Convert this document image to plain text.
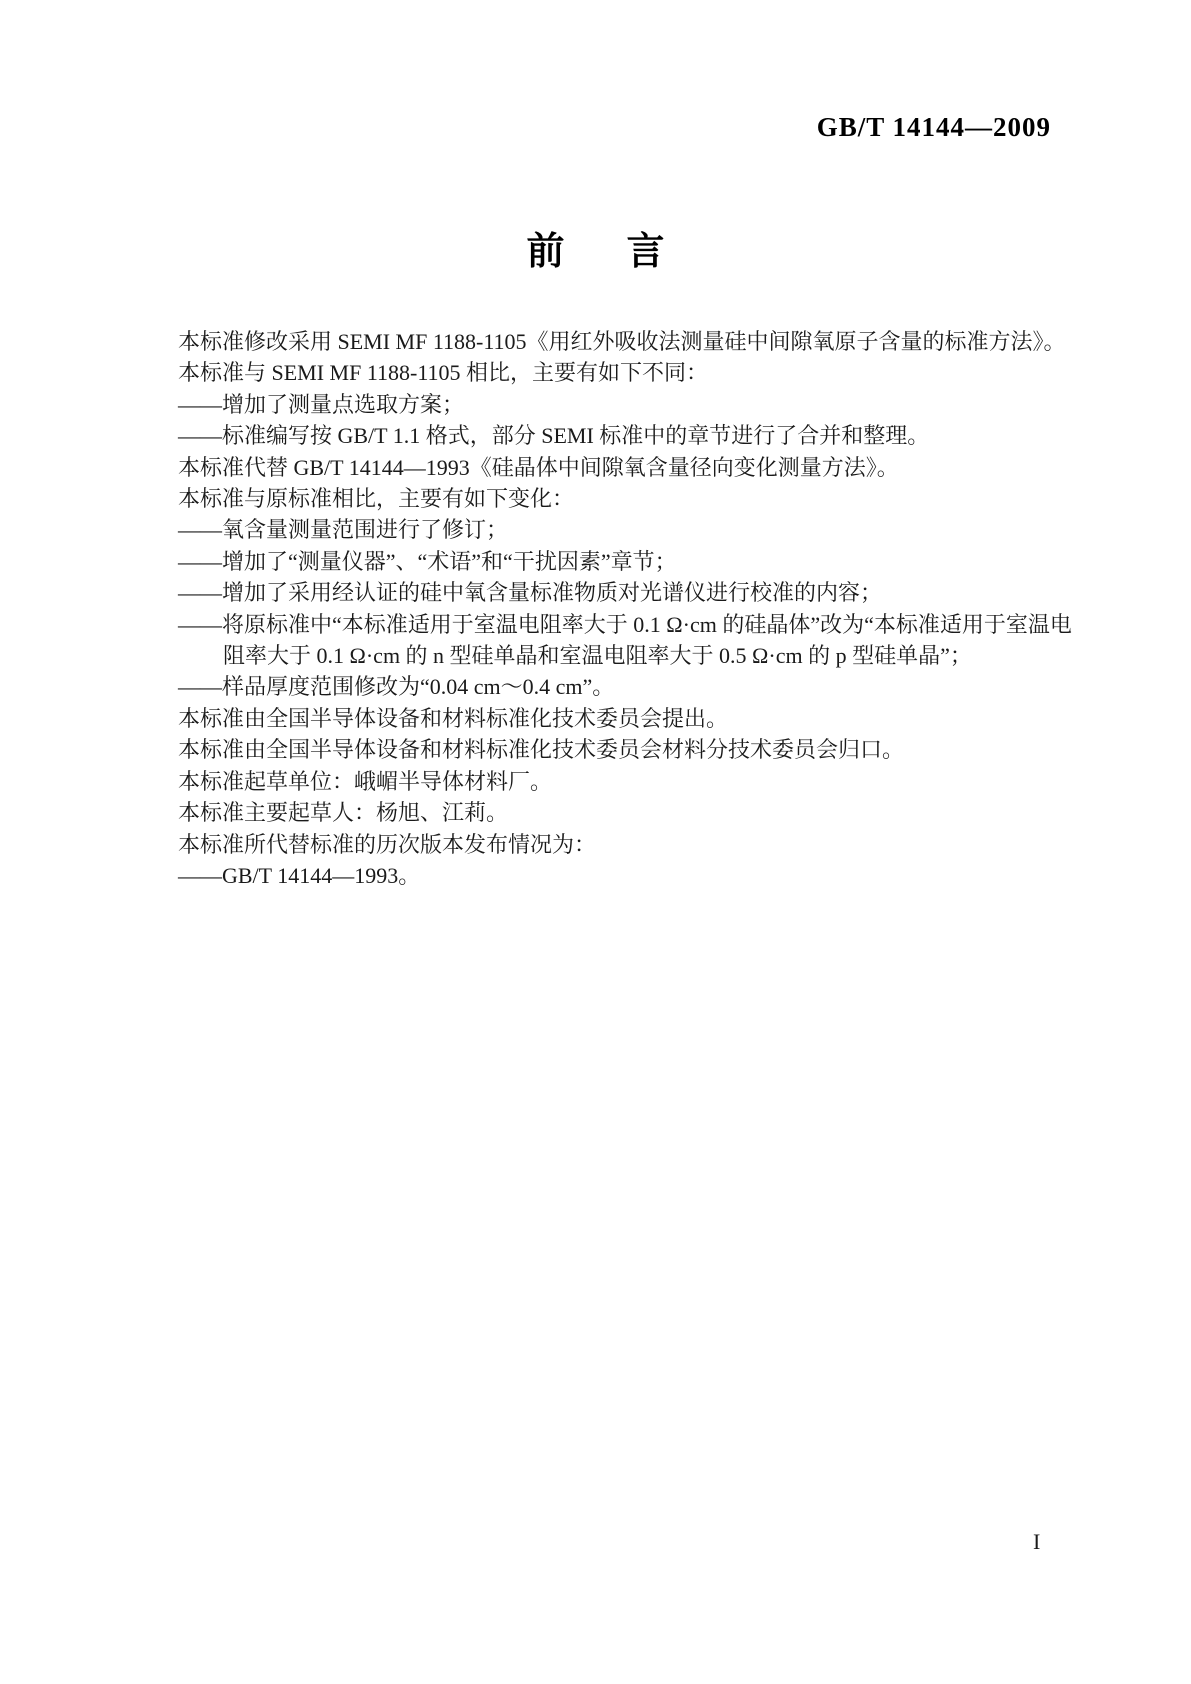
GB/T 14144—2009
前　言
本标准修改采用 SEMI MF 1188-1105《用红外吸收法测量硅中间隙氧原子含量的标准方法》。
本标准与 SEMI MF 1188-1105 相比，主要有如下不同：
——增加了测量点选取方案；
——标准编写按 GB/T 1.1 格式，部分 SEMI 标准中的章节进行了合并和整理。
本标准代替 GB/T 14144—1993《硅晶体中间隙氧含量径向变化测量方法》。
本标准与原标准相比，主要有如下变化：
——氧含量测量范围进行了修订；
——增加了“测量仪器”、“术语”和“干扰因素”章节；
——增加了采用经认证的硅中氧含量标准物质对光谱仪进行校准的内容；
——将原标准中“本标准适用于室温电阻率大于 0.1 Ω·cm 的硅晶体”改为“本标准适用于室温电
阻率大于 0.1 Ω·cm 的 n 型硅单晶和室温电阻率大于 0.5 Ω·cm 的 p 型硅单晶”；
——样品厚度范围修改为“0.04 cm～0.4 cm”。
本标准由全国半导体设备和材料标准化技术委员会提出。
本标准由全国半导体设备和材料标准化技术委员会材料分技术委员会归口。
本标准起草单位：峨嵋半导体材料厂。
本标准主要起草人：杨旭、江莉。
本标准所代替标准的历次版本发布情况为：
——GB/T 14144—1993。
I
